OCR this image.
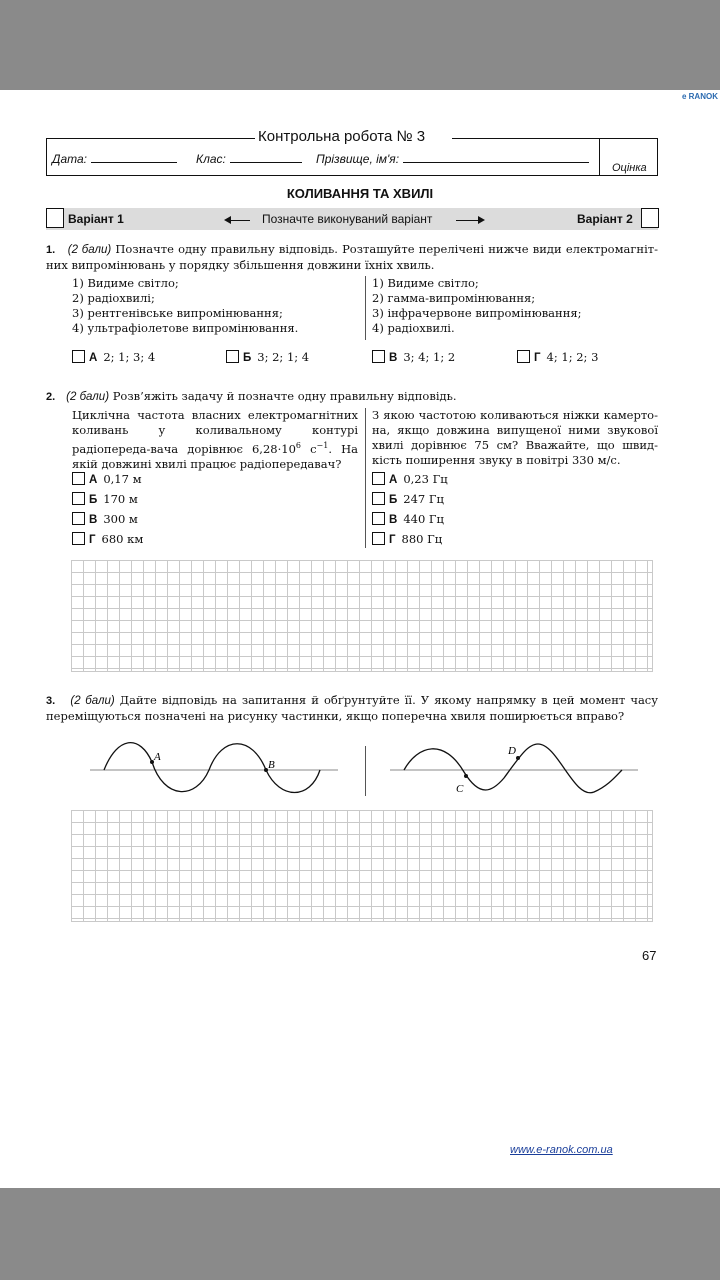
e RANOK
Контрольна робота № 3
Дата:	Клас:	Прізвище, ім'я:
Оцінка
КОЛИВАННЯ ТА ХВИЛІ
Варіант 1	Позначте виконуваний варіант	Варіант 2
1. (2 бали) Позначте одну правильну відповідь. Розташуйте перелічені нижче види електромагніт-них випромінювань у порядку збільшення довжини їхніх хвиль.
1) Видиме світло;
2) радіохвилі;
3) рентгенівське випромінювання;
4) ультрафіолетове випромінювання.
1) Видиме світло;
2) гамма-випромінювання;
3) інфрачервоне випромінювання;
4) радіохвилі.
А 2; 1; 3; 4	Б 3; 2; 1; 4	В 3; 4; 1; 2	Г 4; 1; 2; 3
2. (2 бали) Розв’яжіть задачу й позначте одну правильну відповідь.
Циклічна частота власних електромагнітних коливань у коливальному контурі радіопереда-вача дорівнює $6,28\cdot 10^6$ $с^{-1}$. На якій довжині хвилі працює радіопередавач?
З якою частотою коливаються ніжки камерто-на, якщо довжина випущеної ними звукової хвилі дорівнює 75 см? Вважайте, що швид-кість поширення звуку в повітрі 330 м/с.
А 0,17 м
Б 170 м
В 300 м
Г 680 км
А 0,23 Гц
Б 247 Гц
В 440 Гц
Г 880 Гц
3. (2 бали) Дайте відповідь на запитання й обґрунтуйте її. У якому напрямку в цей момент часу переміщуються позначені на рисунку частинки, якщо поперечна хвиля поширюється вправо?
A
B
C
D
67
www.e-ranok.com.ua
